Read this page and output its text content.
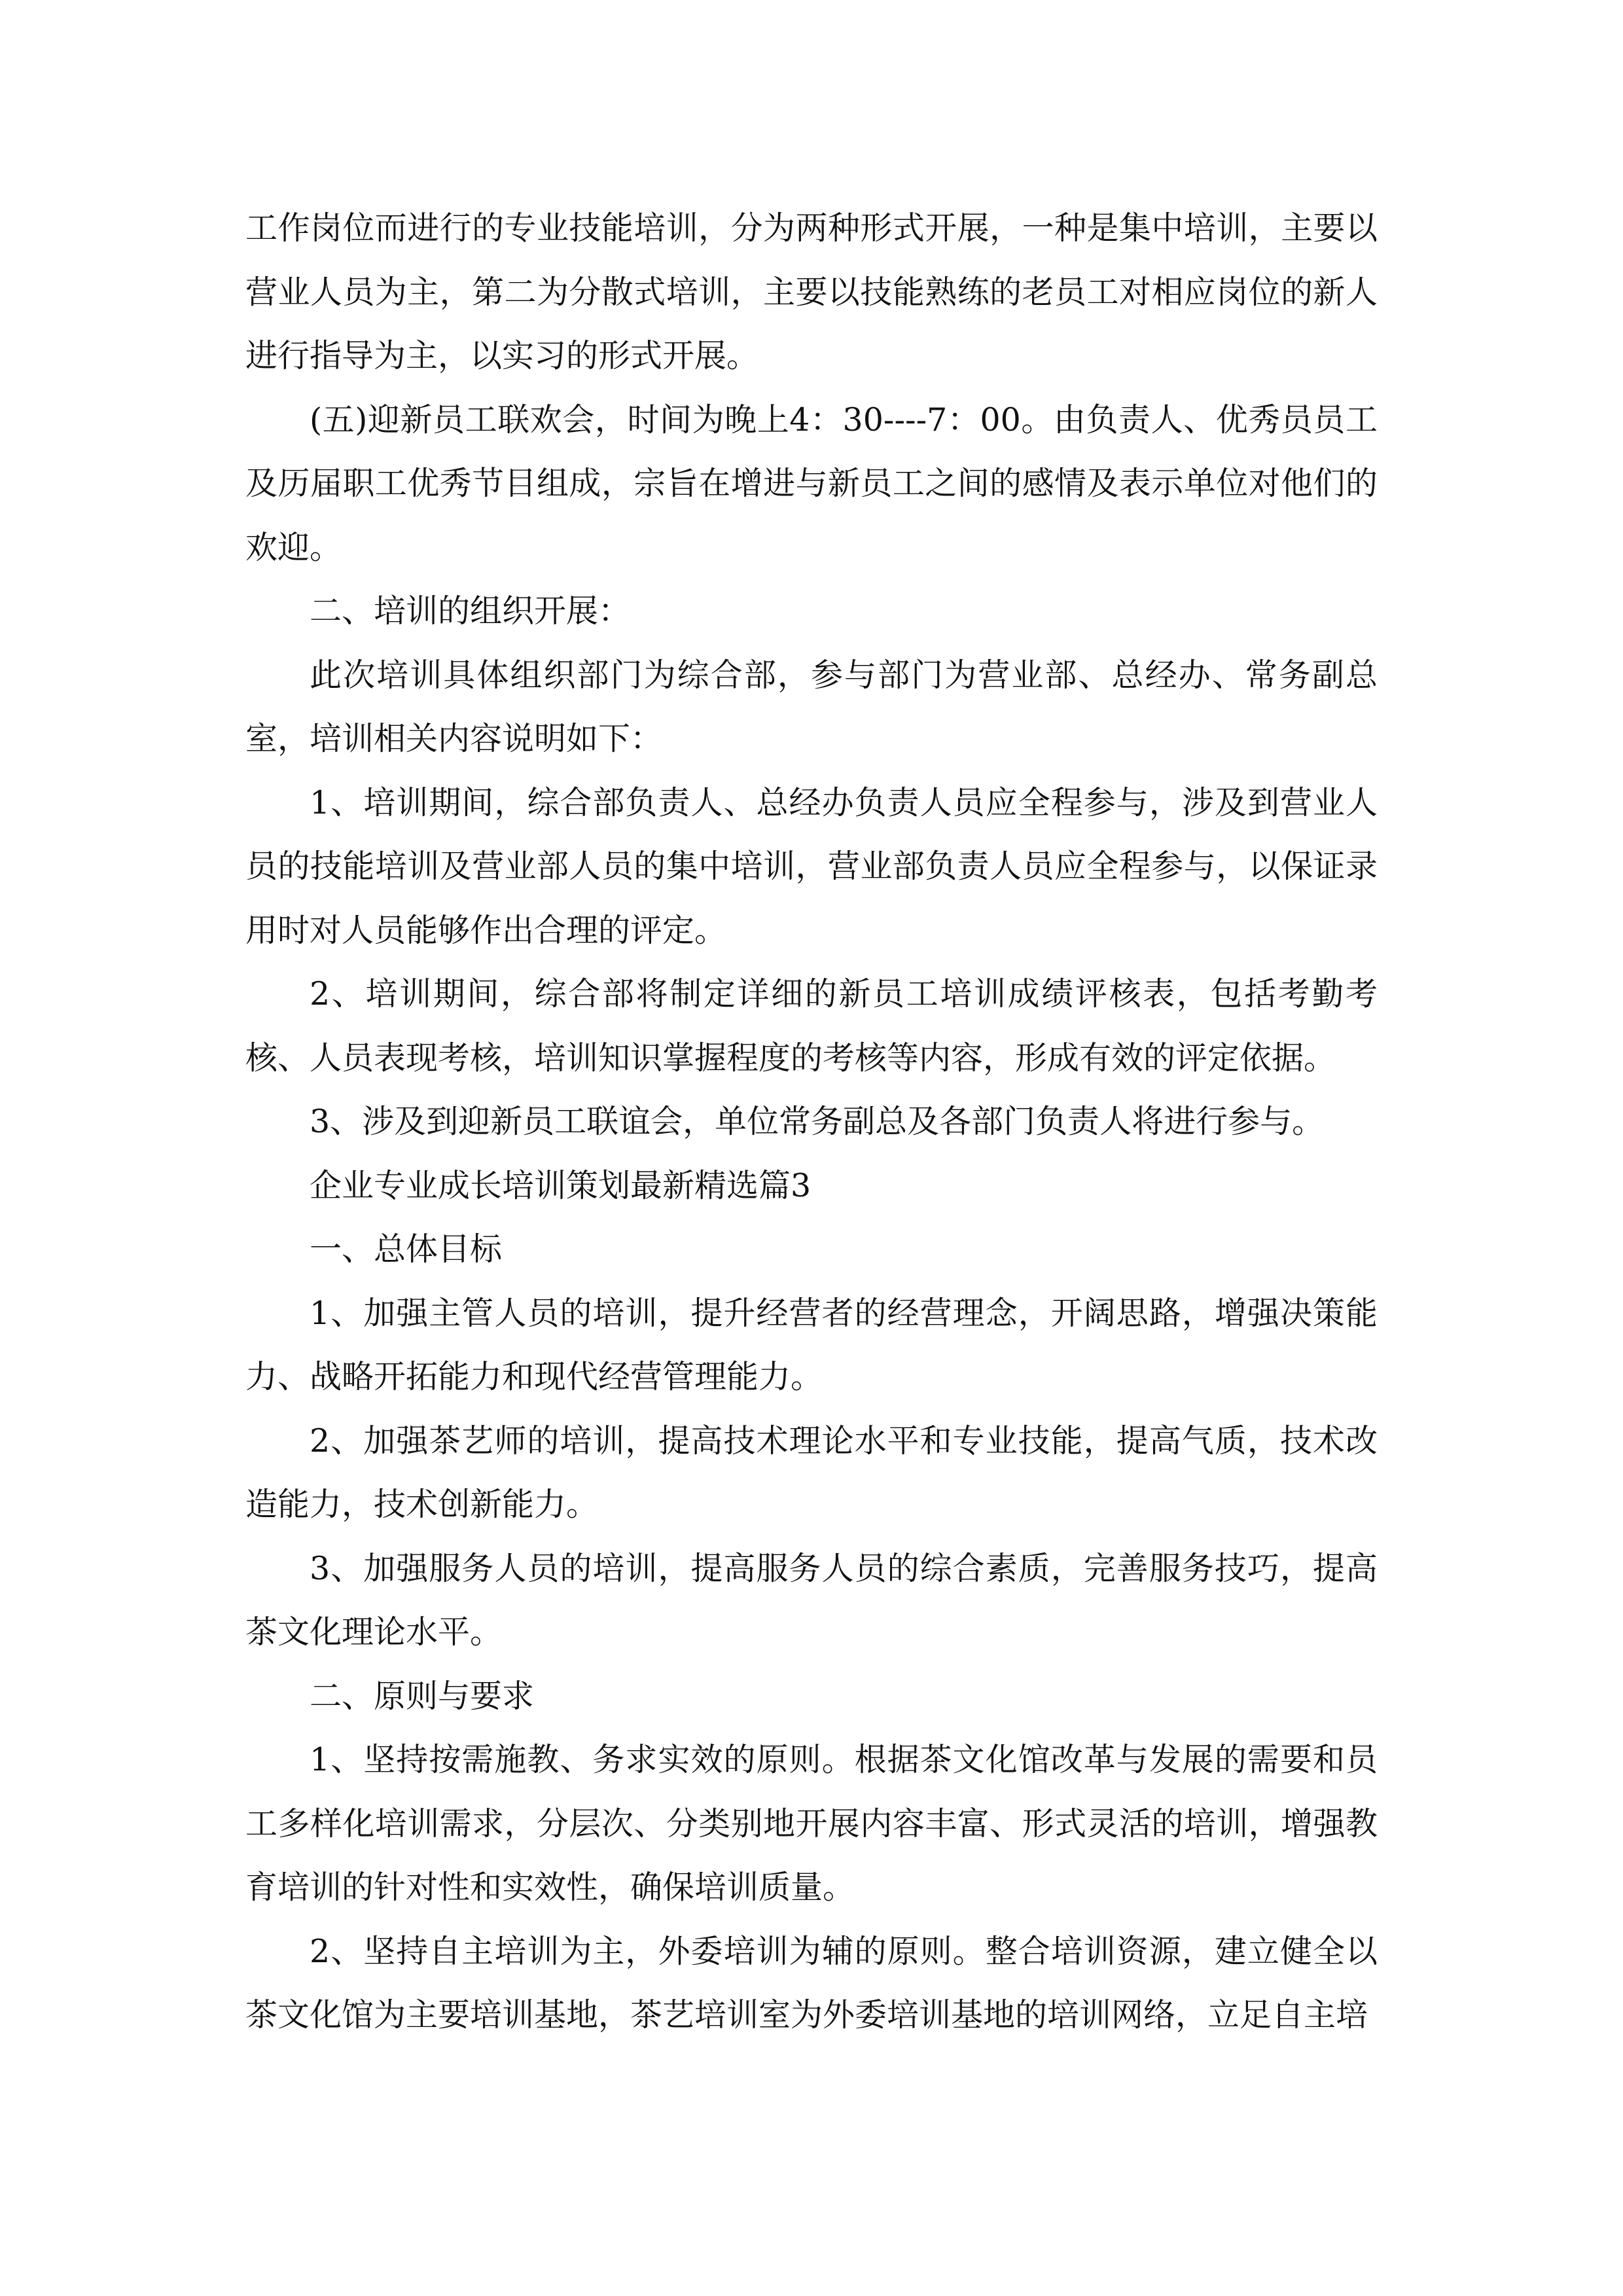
工作岗位而进行的专业技能培训，分为两种形式开展，一种是集中培训，主要以营业人员为主，第二为分散式培训，主要以技能熟练的老员工对相应岗位的新人进行指导为主，以实习的形式开展。

(五)迎新员工联欢会，时间为晚上4：30----7：00。由负责人、优秀员员工及历届职工优秀节目组成，宗旨在增进与新员工之间的感情及表示单位对他们的欢迎。

二、培训的组织开展：

此次培训具体组织部门为综合部，参与部门为营业部、总经办、常务副总室，培训相关内容说明如下：

1、培训期间，综合部负责人、总经办负责人员应全程参与，涉及到营业人员的技能培训及营业部人员的集中培训，营业部负责人员应全程参与，以保证录用时对人员能够作出合理的评定。

2、培训期间，综合部将制定详细的新员工培训成绩评核表，包括考勤考核、人员表现考核，培训知识掌握程度的考核等内容，形成有效的评定依据。

3、涉及到迎新员工联谊会，单位常务副总及各部门负责人将进行参与。

企业专业成长培训策划最新精选篇3

一、总体目标

1、加强主管人员的培训，提升经营者的经营理念，开阔思路，增强决策能力、战略开拓能力和现代经营管理能力。

2、加强茶艺师的培训，提高技术理论水平和专业技能，提高气质，技术改造能力，技术创新能力。

3、加强服务人员的培训，提高服务人员的综合素质，完善服务技巧，提高茶文化理论水平。

二、原则与要求

1、坚持按需施教、务求实效的原则。根据茶文化馆改革与发展的需要和员工多样化培训需求，分层次、分类别地开展内容丰富、形式灵活的培训，增强教育培训的针对性和实效性，确保培训质量。

2、坚持自主培训为主，外委培训为辅的原则。整合培训资源，建立健全以茶文化馆为主要培训基地，茶艺培训室为外委培训基地的培训网络，立足自主培
